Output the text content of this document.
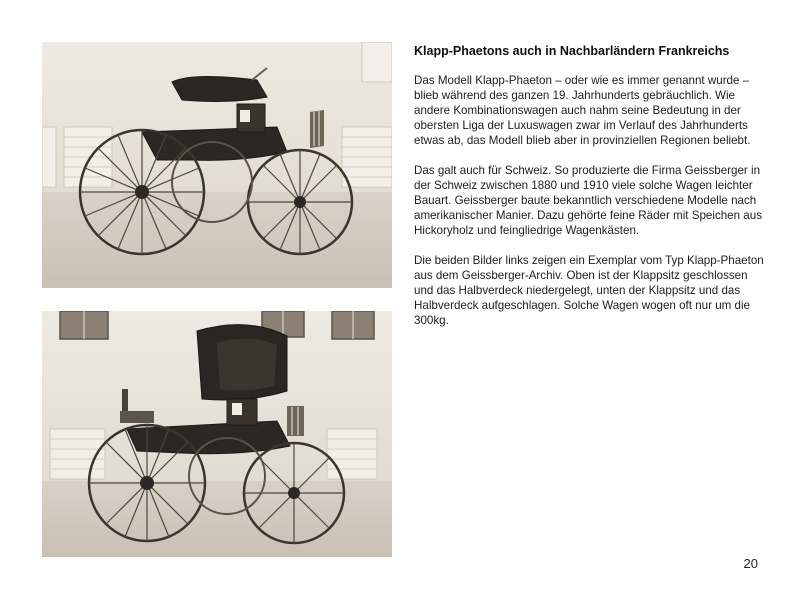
Klapp-Phaetons auch in Nachbarländern Frankreichs

Das Modell Klapp-Phaeton – oder wie es immer genannt wurde – blieb während des ganzen 19. Jahrhunderts gebräuchlich. Wie andere Kombinationswagen auch nahm seine Bedeutung in der obersten Liga der Luxuswagen zwar im Verlauf des Jahrhunderts etwas ab, das Modell blieb aber in provinziellen Regionen beliebt.

Das galt auch für Schweiz. So produzierte die Firma Geissberger in der Schweiz zwischen 1880 und 1910 viele solche Wagen leichter Bauart. Geissberger baute bekanntlich verschiedene Modelle nach amerikanischer Manier. Dazu gehörte feine Räder mit Speichen aus Hickoryholz und feingliedrige Wagenkästen.

Die beiden Bilder links zeigen ein Exemplar vom Typ Klapp-Phaeton aus dem Geissberger-Archiv. Oben ist der Klappsitz geschlossen und das Halbverdeck niedergelegt, unten der Klappsitz und das Halbverdeck aufgeschlagen. Solche Wagen wogen oft nur um die 300kg.

20
